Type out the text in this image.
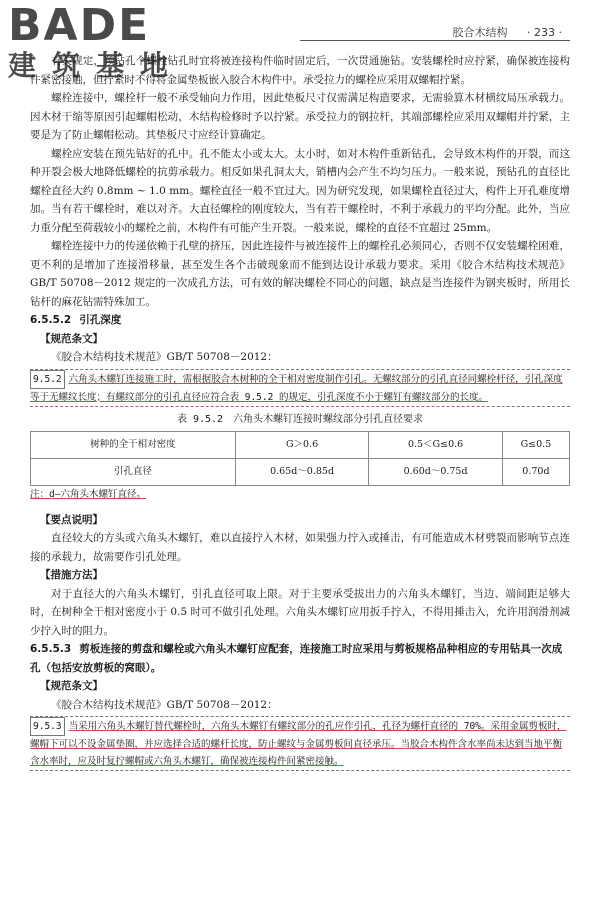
BADE
建筑基地
胶合木结构 · 233 ·

有关规定，预钻孔个螺栓钻孔时宜将被连接构件临时固定后，一次贯通施钻。安装螺栓时应拧紧，确保被连接构件紧密接触，但拧紧时不得将金属垫板嵌入胶合木构件中。承受拉力的螺栓应采用双螺帽拧紧。

螺栓连接中，螺栓杆一般不承受轴向力作用，因此垫板尺寸仅需满足构造要求，无需验算木材横纹局压承载力。因木材干缩等原因引起螺帽松动，木结构检修时予以拧紧。承受拉力的钢拉杆，其端部螺栓应采用双螺帽并拧紧，主要是为了防止螺帽松动。其垫板尺寸应经计算确定。

螺栓应安装在预先钻好的孔中。孔不能太小或太大。太小时，如对木构件重新钻孔，会导致木构件的开裂，而这种开裂会极大地降低螺栓的抗剪承载力。相反如果孔洞太大，销槽内会产生不均匀压力。一般来说，预钻孔的直径比螺栓直径大约 0.8mm ~ 1.0 mm。螺栓直径一般不宜过大。因为研究发现，如果螺栓直径过大，构件上开孔难度增加。当有若干螺栓时，难以对齐。大直径螺栓的刚度较大，当有若干螺栓时，不利于承载力的平均分配。此外，当应力重分配至荷载较小的螺栓之前，木构件有可能产生开裂。一般来说，螺栓的直径不宜超过 25mm。

螺栓连接中力的传递依赖于孔壁的挤压，因此连接件与被连接件上的螺栓孔必须同心，否则不仅安装螺栓困难，更不利的是增加了连接滑移量，甚至发生各个击破现象而不能到达设计承载力要求。采用《胶合木结构技术规范》GB/T 50708－2012 规定的一次成孔方法，可有效的解决螺栓不同心的问题，缺点是当连接件为钢夹板时，所用长钻杆的麻花钻需特殊加工。

6.5.5.2 引孔深度

【规范条文】

《胶合木结构技术规范》GB/T 50708－2012：

9.5.2 六角头木螺钉连接施工时，需根据胶合木树种的全干相对密度制作引孔。无螺纹部分的引孔直径同螺栓杆径，引孔深度等于无螺纹长度；有螺纹部分的引孔直径应符合表 9.5.2 的规定，引孔深度不小于螺钉有螺纹部分的长度。
表 9.5.2　六角头木螺钉连接时螺纹部分引孔直径要求
树种的全干相对密度	G＞0.6	0.5＜G≤0.6	G≤0.5
引孔直径	0.65d～0.85d	0.60d～0.75d	0.70d

注：d—六角头木螺钉直径。

【要点说明】

直径较大的方头或六角头木螺钉，难以直接拧入木材，如果强力拧入或捶击，有可能造成木材劈裂而影响节点连接的承载力，故需要作引孔处理。

【措施方法】

对于直径大的六角头木螺钉，引孔直径可取上限。对于主要承受拔出力的六角头木螺钉，当边、端间距足够大时，在树种全干相对密度小于 0.5 时可不做引孔处理。六角头木螺钉应用扳手拧入，不得用捶击入，允许用润滑剂减少拧入时的阻力。

6.5.5.3 剪板连接的剪盘和螺栓或六角头木螺钉应配套，连接施工时应采用与剪板规格品种相应的专用钻具一次成孔（包括安放剪板的窝眼）。

【规范条文】

《胶合木结构技术规范》GB/T 50708－2012：

9.5.3 当采用六角头木螺钉替代螺栓时，六角头木螺钉有螺纹部分的孔应作引孔，孔径为螺杆直径的 70%。采用金属剪板时，螺帽下可以不设金属垫圈，并应选择合适的螺杆长度，防止螺纹与金属剪板间直径承压。当胶合木构件含水率尚未达到当地平衡含水率时，应及时复拧螺帽或六角头木螺钉，确保被连接构件间紧密接触。
